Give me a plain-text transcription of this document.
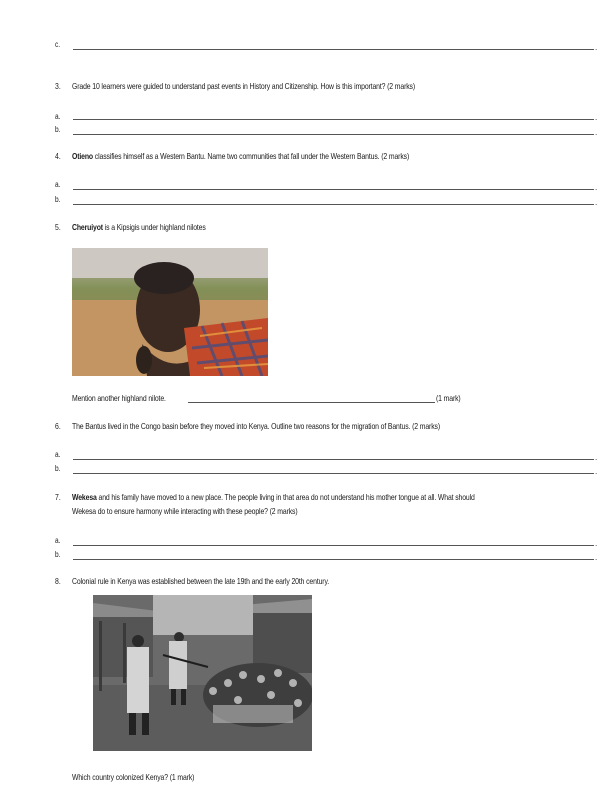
c.	.
3. Grade 10 learners were guided to understand past events in History and Citizenship. How is this important? (2 marks)
a.	.
b.	.
4. Otieno classifies himself as a Western Bantu. Name two communities that fall under the Western Bantus. (2 marks)
a.	.
b.	.
5. Cheruiyot is a Kipsigis under highland nilotes
Mention another highland nilote.	(1 mark)
6. The Bantus lived in the Congo basin before they moved into Kenya. Outline two reasons for the migration of Bantus. (2 marks)
a.	.
b.	.
7. Wekesa and his family have moved to a new place. The people living in that area do not understand his mother tongue at all. What should
Wekesa do to ensure harmony while interacting with these people? (2 marks)
a.	.
b.	.
8. Colonial rule in Kenya was established between the late 19th and the early 20th century.
Which country colonized Kenya? (1 mark)
